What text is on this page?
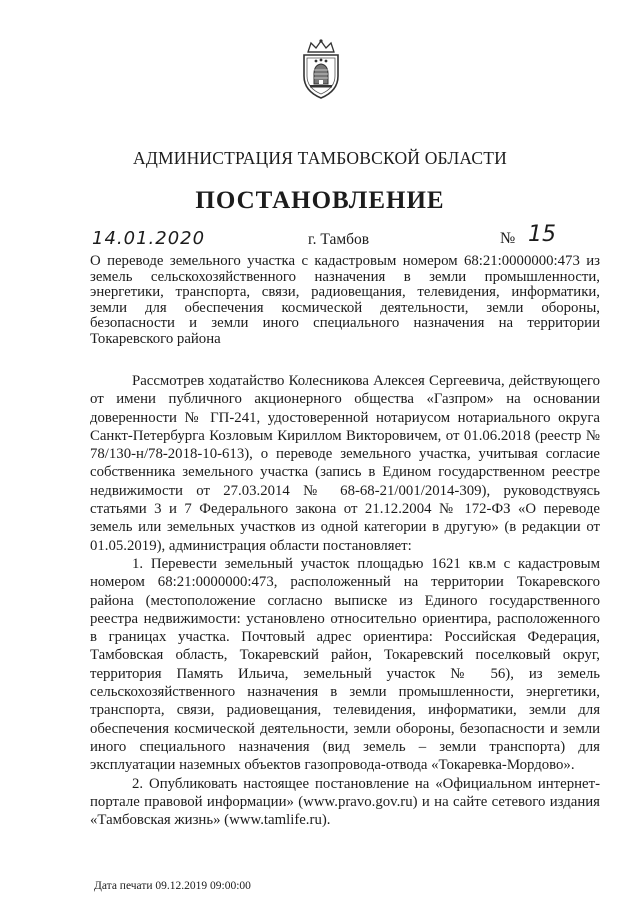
АДМИНИСТРАЦИЯ ТАМБОВСКОЙ ОБЛАСТИ
ПОСТАНОВЛЕНИЕ
14.01.2020	г. Тамбов	№ 15
О переводе земельного участка с кадастровым номером 68:21:0000000:473 из земель сельскохозяйственного назначения в земли промышленности, энергетики, транспорта, связи, радиовещания, телевидения, информатики, земли для обеспечения космической деятельности, земли обороны, безопасности и земли иного специального назначения на территории Токаревского района

Рассмотрев ходатайство Колесникова Алексея Сергеевича, действующего от имени публичного акционерного общества «Газпром» на основании доверенности № ГП-241, удостоверенной нотариусом нотариального округа Санкт-Петербурга Козловым Кириллом Викторовичем, от 01.06.2018 (реестр № 78/130-н/78-2018-10-613), о переводе земельного участка, учитывая согласие собственника земельного участка (запись в Едином государственном реестре недвижимости от 27.03.2014 № 68-68-21/001/2014-309), руководствуясь статьями 3 и 7 Федерального закона от 21.12.2004 № 172-ФЗ «О переводе земель или земельных участков из одной категории в другую» (в редакции от 01.05.2019), администрация области постановляет:

1. Перевести земельный участок площадью 1621 кв.м с кадастровым номером 68:21:0000000:473, расположенный на территории Токаревского района (местоположение согласно выписке из Единого государственного реестра недвижимости: установлено относительно ориентира, расположенного в границах участка. Почтовый адрес ориентира: Российская Федерация, Тамбовская область, Токаревский район, Токаревский поселковый округ, территория Память Ильича, земельный участок № 56), из земель сельскохозяйственного назначения в земли промышленности, энергетики, транспорта, связи, радиовещания, телевидения, информатики, земли для обеспечения космической деятельности, земли обороны, безопасности и земли иного специального назначения (вид земель – земли транспорта) для эксплуатации наземных объектов газопровода-отвода «Токаревка-Мордово».

2. Опубликовать настоящее постановление на «Официальном интернет-портале правовой информации» (www.pravo.gov.ru) и на сайте сетевого издания «Тамбовская жизнь» (www.tamlife.ru).

Дата печати 09.12.2019 09:00:00
